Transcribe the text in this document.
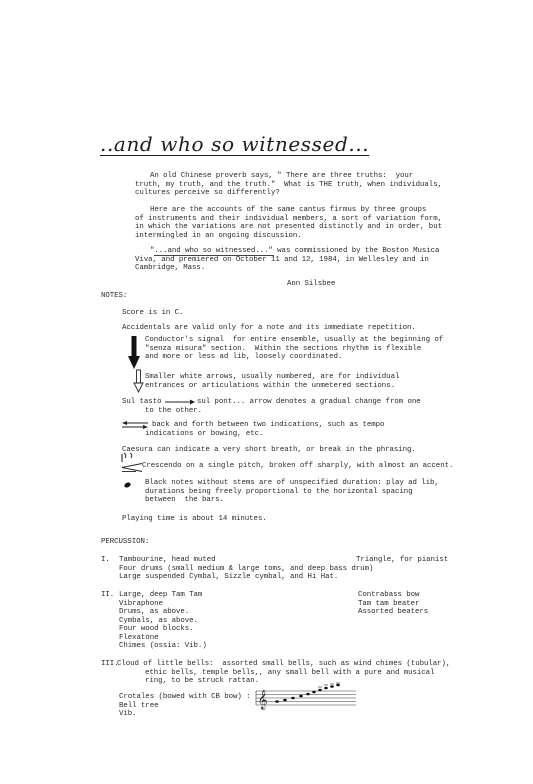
..and who so witnessed...
An old Chinese proverb says, " There are three truths:  your
truth, my truth, and the truth."  What is THE truth, when individuals,
cultures perceive so differently?
Here are the accounts of the same cantus firmus by three groups
of instruments and their individual members, a sort of variation form,
in which the variations are not presented distinctly and in order, but
intermingled in an ongoing discussion.
"...and who so witnessed..." was commissioned by the Boston Musica
Viva, and premiered on October 11 and 12, 1984, in Wellesley and in
Cambridge, Mass.
Ann Silsbee
NOTES:
Score is in C.
Accidentals are valid only for a note and its immediate repetition.
Conductor's signal  for entire ensemble, usually at the beginning of
"senza misura" section.  Within the sections rhythm is flexible
and more or less ad lib, loosely coordinated.
Smaller white arrows, usually numbered, are for individual
entrances or articulations within the unmetered sections.
Sul tasto	sul pont... arrow denotes a gradual change from one
to the other.
back and forth between two indications, such as tempo
indications or bowing, etc.
Caesura can indicate a very short breath, or break in the phrasing.
Crescendo on a single pitch, broken off sharply, with almost an accent.
Black notes without stems are of unspecified duration: play ad lib,
durations being freely proportional to the horizontal spacing
between  the bars.
Playing time is about 14 minutes.
PERCUSSION:
I. Tambourine, head muted
Four drums (small medium & large toms, and deep bass drum)
Large suspended Cymbal, Sizzle cymbal, and Hi Hat.
Triangle, for pianist
II. Large, deep Tam Tam
Vibraphone
Drums, as above.
Cymbals, as above.
Four wood blocks.
Flexatone
Chimes (ossia: Vib.)
Contrabass bow
Tam tam beater
Assorted beaters
III.
Cloud of little bells:  assorted small bells, such as wind chimes (tubular),
ethic bells, temple bells,, any small bell with a pure and musical
ring, to be struck rattan.
Crotales (bowed with CB bow) :
Bell tree
Vib.
𝄞
